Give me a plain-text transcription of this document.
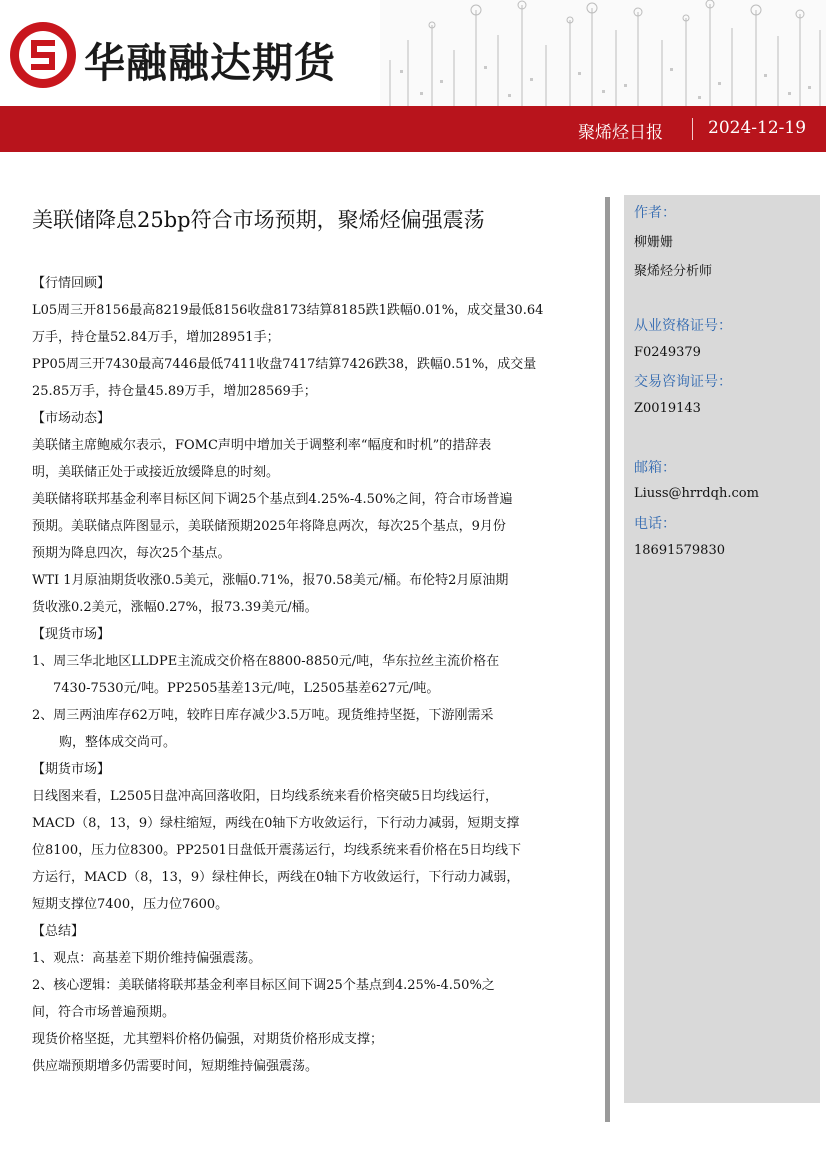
华融融达期货
聚烯烃日报	2024-12-19
美联储降息25bp符合市场预期，聚烯烃偏强震荡

【行情回顾】

L05周三开8156最高8219最低8156收盘8173结算8185跌1跌幅0.01%，成交量30.64

万手，持仓量52.84万手，增加28951手；

PP05周三开7430最高7446最低7411收盘7417结算7426跌38，跌幅0.51%，成交量

25.85万手，持仓量45.89万手，增加28569手；

【市场动态】

美联储主席鲍威尔表示，FOMC声明中增加关于调整利率“幅度和时机”的措辞表

明，美联储正处于或接近放缓降息的时刻。

美联储将联邦基金利率目标区间下调25个基点到4.25%-4.50%之间，符合市场普遍

预期。美联储点阵图显示，美联储预期2025年将降息两次，每次25个基点，9月份

预期为降息四次，每次25个基点。

WTI 1月原油期货收涨0.5美元，涨幅0.71%，报70.58美元/桶。布伦特2月原油期

货收涨0.2美元，涨幅0.27%，报73.39美元/桶。

【现货市场】

1、周三华北地区LLDPE主流成交价格在8800-8850元/吨，华东拉丝主流价格在

7430-7530元/吨。PP2505基差13元/吨，L2505基差627元/吨。

2、周三两油库存62万吨，较昨日库存减少3.5万吨。现货维持坚挺，下游刚需采

购，整体成交尚可。

【期货市场】

日线图来看，L2505日盘冲高回落收阳，日均线系统来看价格突破5日均线运行，

MACD（8，13，9）绿柱缩短，两线在0轴下方收敛运行，下行动力减弱，短期支撑

位8100，压力位8300。PP2501日盘低开震荡运行，均线系统来看价格在5日均线下

方运行，MACD（8，13，9）绿柱伸长，两线在0轴下方收敛运行，下行动力减弱，

短期支撑位7400，压力位7600。

【总结】

1、观点：高基差下期价维持偏强震荡。

2、核心逻辑：美联储将联邦基金利率目标区间下调25个基点到4.25%-4.50%之

间，符合市场普遍预期。

现货价格坚挺，尤其塑料价格仍偏强，对期货价格形成支撑；

供应端预期增多仍需要时间，短期维持偏强震荡。

作者：
柳姗姗
聚烯烃分析师
从业资格证号：
F0249379
交易咨询证号：
Z0019143
邮箱：
Liuss@hrrdqh.com
电话：
18691579830
